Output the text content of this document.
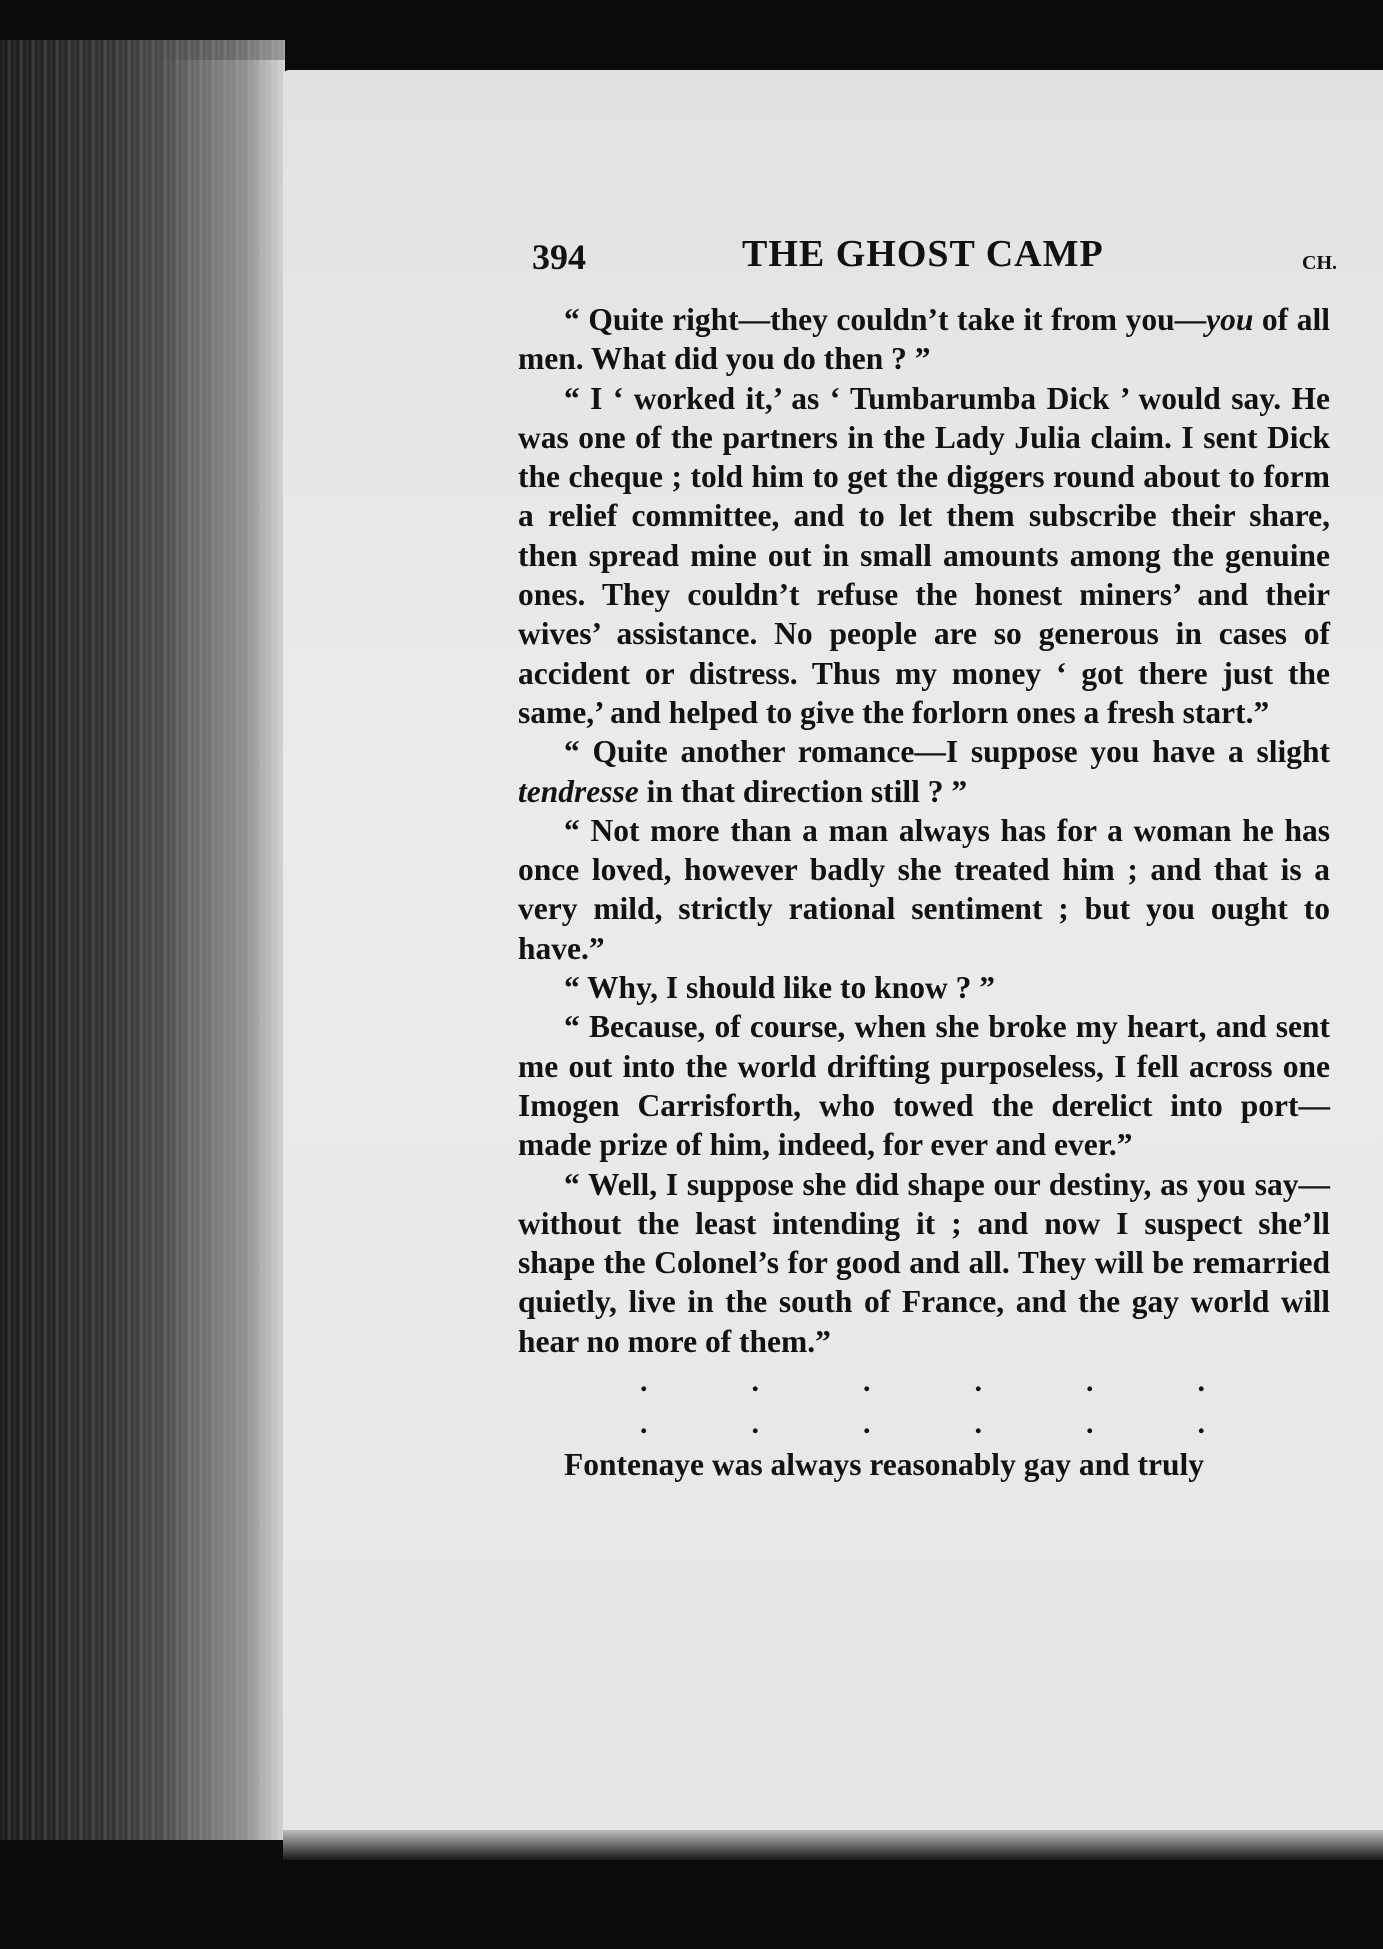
394	THE GHOST CAMP	CH.

“ Quite right—they couldn’t take it from you—you of all men. What did you do then ? ”

“ I ‘ worked it,’ as ‘ Tumbarumba Dick ’ would say. He was one of the partners in the Lady Julia claim. I sent Dick the cheque ; told him to get the diggers round about to form a relief committee, and to let them subscribe their share, then spread mine out in small amounts among the genuine ones. They couldn’t refuse the honest miners’ and their wives’ assistance. No people are so generous in cases of accident or distress. Thus my money ‘ got there just the same,’ and helped to give the forlorn ones a fresh start.”

“ Quite another romance—I suppose you have a slight tendresse in that direction still ? ”

“ Not more than a man always has for a woman he has once loved, however badly she treated him ; and that is a very mild, strictly rational sentiment ; but you ought to have.”

“ Why, I should like to know ? ”

“ Because, of course, when she broke my heart, and sent me out into the world drifting purposeless, I fell across one Imogen Carrisforth, who towed the derelict into port—made prize of him, indeed, for ever and ever.”

“ Well, I suppose she did shape our destiny, as you say—without the least intending it ; and now I suspect she’ll shape the Colonel’s for good and all. They will be remarried quietly, live in the south of France, and the gay world will hear no more of them.”

.	.	.	.	.	.
.	.	.	.	.	.

Fontenaye was always reasonably gay and truly
